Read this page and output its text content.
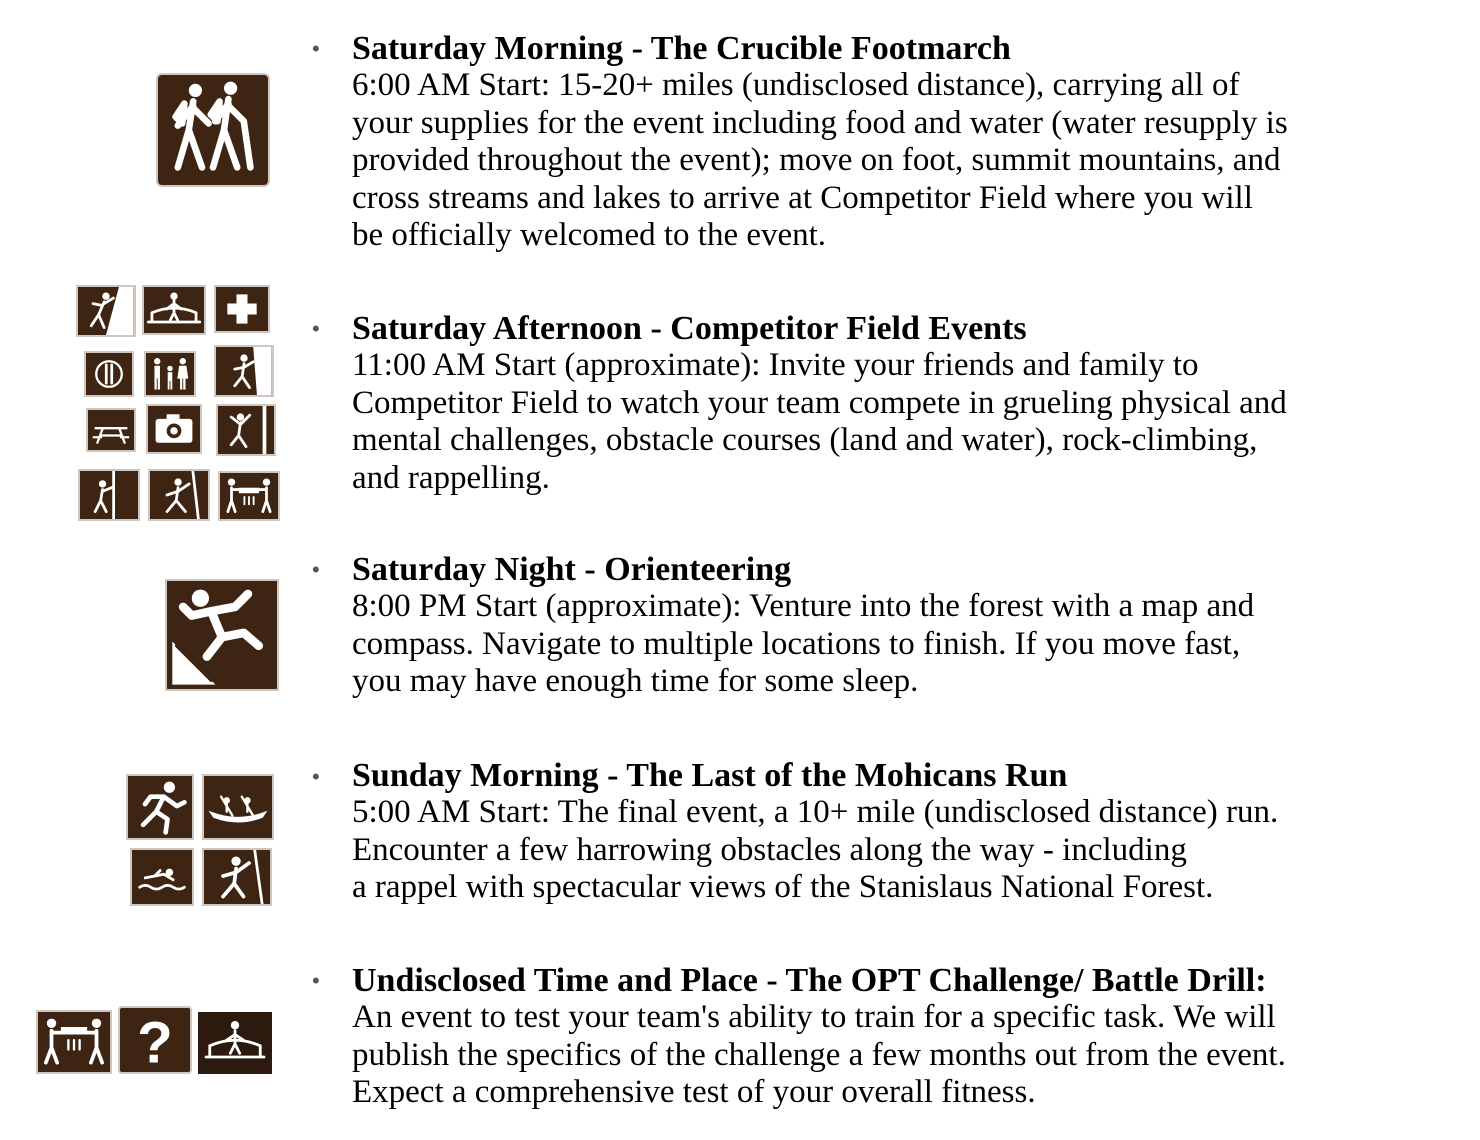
• Saturday Morning - The Crucible Footmarch
6:00 AM Start: 15-20+ miles (undisclosed distance), carrying all of
your supplies for the event including food and water (water resupply is
provided throughout the event); move on foot, summit mountains, and
cross streams and lakes to arrive at Competitor Field where you will
be officially welcomed to the event.
• Saturday Afternoon - Competitor Field Events
11:00 AM Start (approximate): Invite your friends and family to
Competitor Field to watch your team compete in grueling physical and
mental challenges, obstacle courses (land and water), rock-climbing,
and rappelling.
• Saturday Night - Orienteering
8:00 PM Start (approximate): Venture into the forest with a map and
compass. Navigate to multiple locations to finish. If you move fast,
you may have enough time for some sleep.
• Sunday Morning - The Last of the Mohicans Run
5:00 AM Start: The final event, a 10+ mile (undisclosed distance) run.
Encounter a few harrowing obstacles along the way - including
a rappel with spectacular views of the Stanislaus National Forest.
?
• Undisclosed Time and Place - The OPT Challenge/ Battle Drill:
An event to test your team's ability to train for a specific task. We will
publish the specifics of the challenge a few months out from the event.
Expect a comprehensive test of your overall fitness.
